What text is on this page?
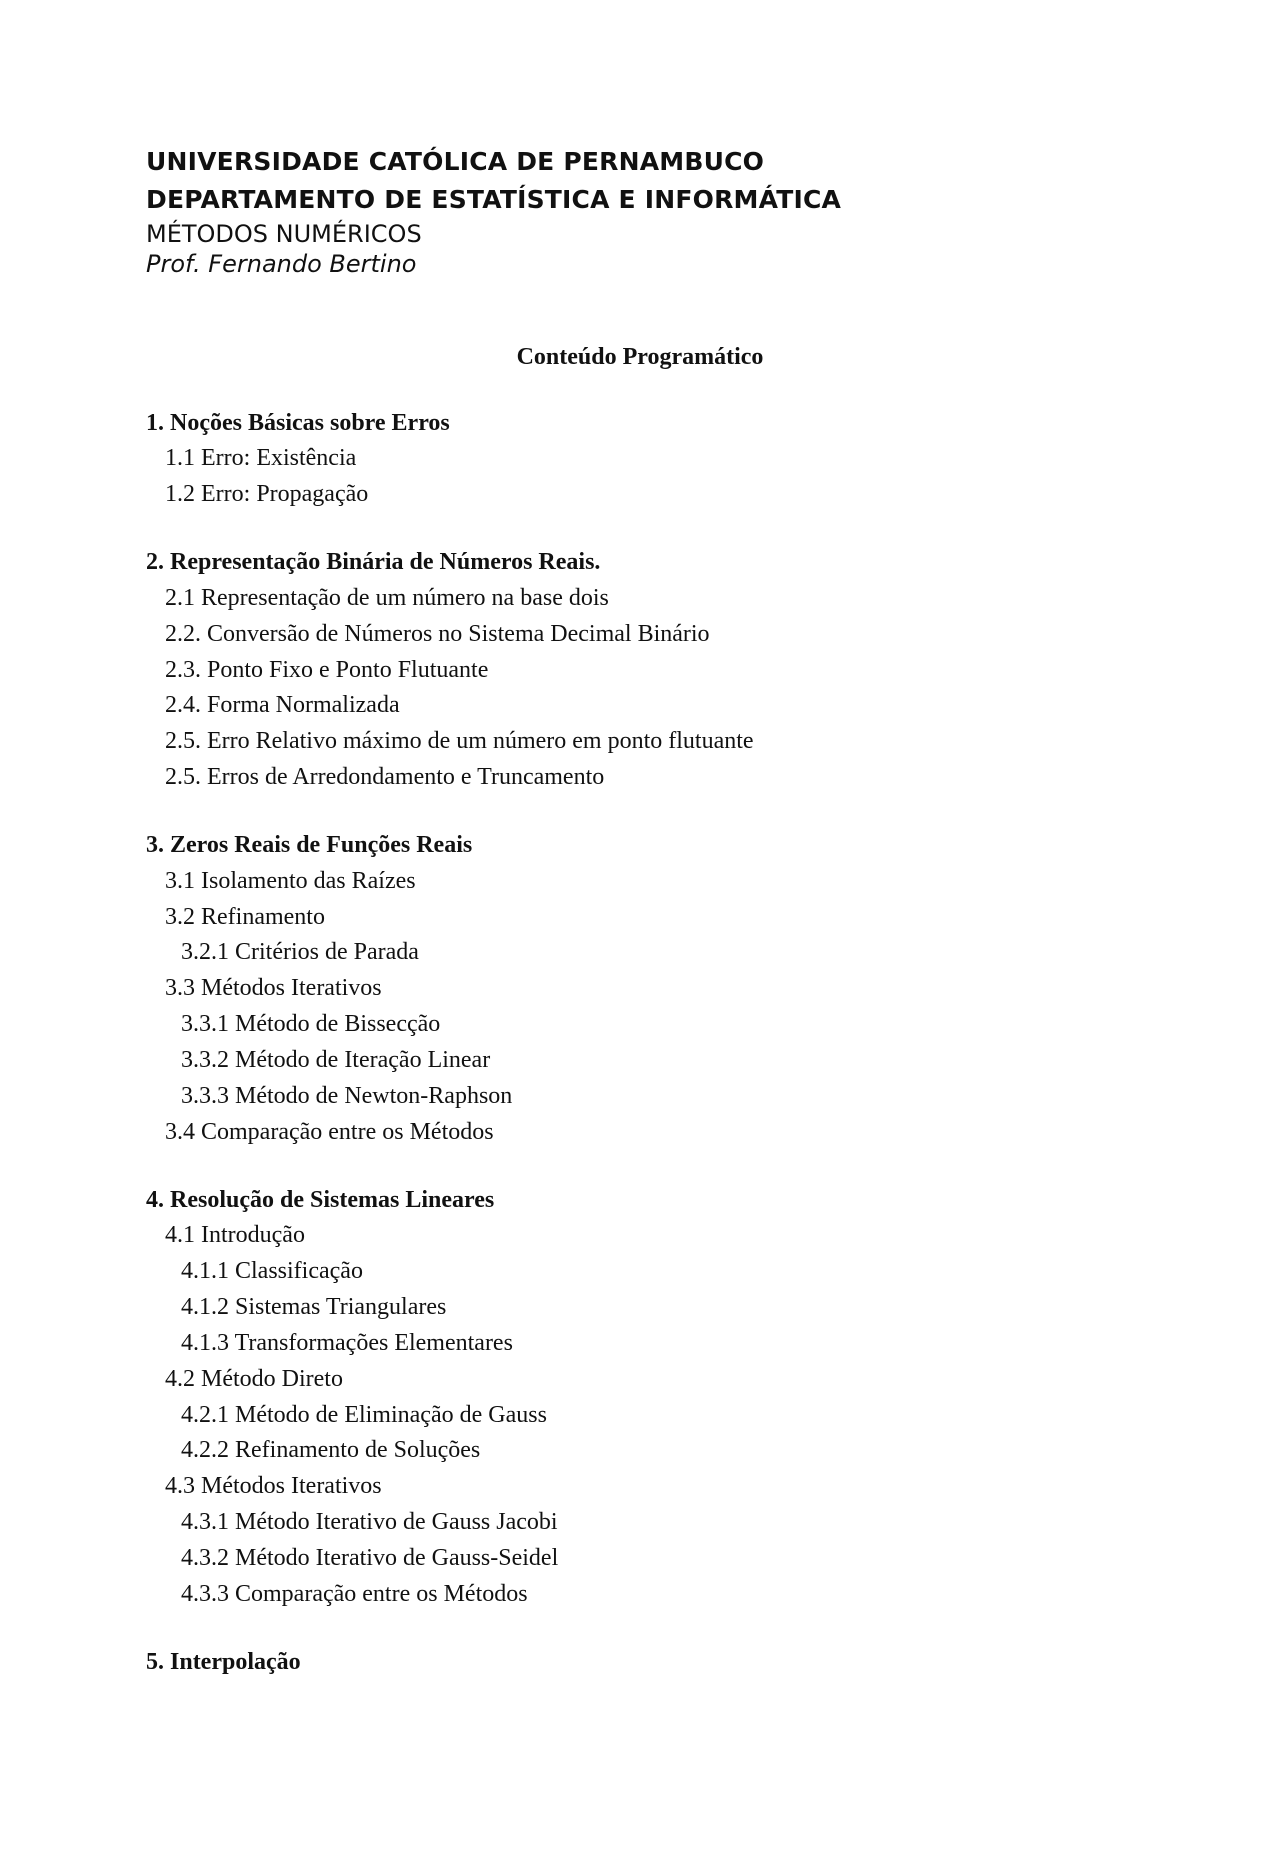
UNIVERSIDADE CATÓLICA DE PERNAMBUCO
DEPARTAMENTO DE ESTATÍSTICA E INFORMÁTICA
MÉTODOS NUMÉRICOS
Prof. Fernando Bertino
Conteúdo Programático
1. Noções Básicas sobre Erros
1.1 Erro: Existência
1.2 Erro: Propagação
2. Representação Binária de Números Reais.
2.1 Representação de um número na base dois
2.2. Conversão de Números no Sistema Decimal Binário
2.3. Ponto Fixo e Ponto Flutuante
2.4. Forma Normalizada
2.5. Erro Relativo máximo de um número em ponto flutuante
2.5. Erros de Arredondamento e Truncamento
3. Zeros Reais de Funções Reais
3.1 Isolamento das Raízes
3.2 Refinamento
3.2.1 Critérios de Parada
3.3 Métodos Iterativos
3.3.1 Método de Bissecção
3.3.2 Método de Iteração Linear
3.3.3 Método de Newton-Raphson
3.4 Comparação entre os Métodos
4. Resolução de Sistemas Lineares
4.1 Introdução
4.1.1 Classificação
4.1.2 Sistemas Triangulares
4.1.3 Transformações Elementares
4.2 Método Direto
4.2.1 Método de Eliminação de Gauss
4.2.2 Refinamento de Soluções
4.3 Métodos Iterativos
4.3.1 Método Iterativo de Gauss Jacobi
4.3.2 Método Iterativo de Gauss-Seidel
4.3.3 Comparação entre os Métodos
5. Interpolação
